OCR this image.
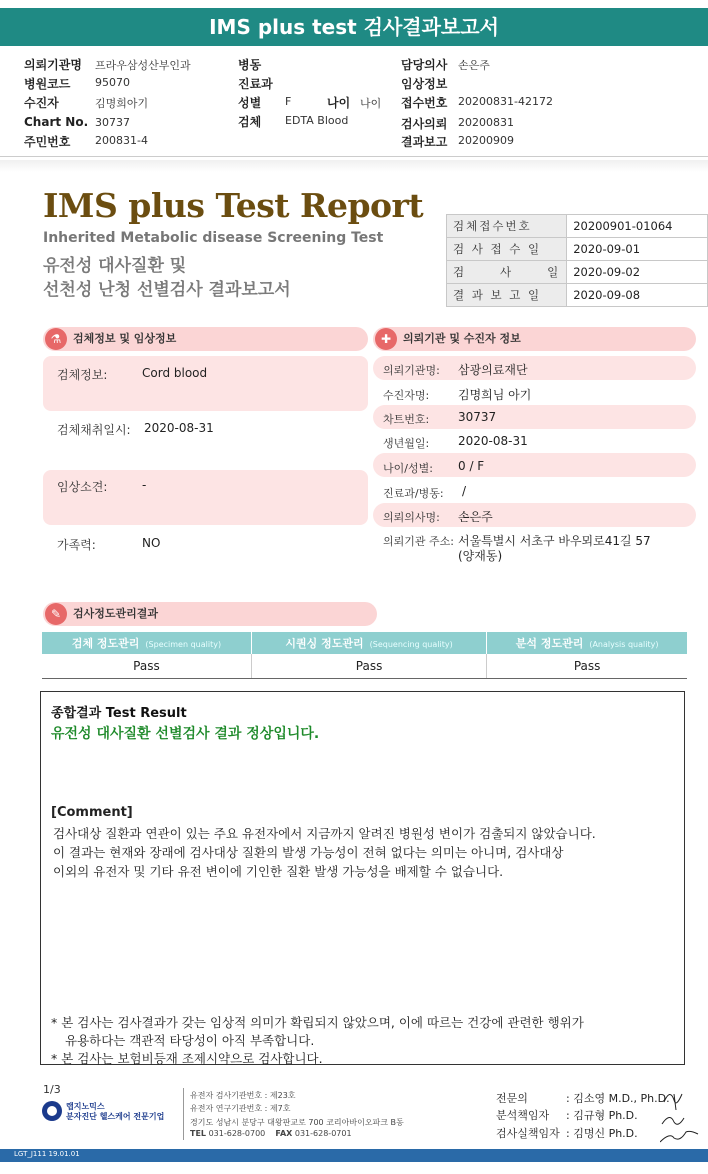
IMS plus test 검사결과보고서
의뢰기관명 프라우삼성산부인과
병원코드 95070
수진자	김명희아기
Chart No. 30737
주민번호 200831-4
병동
진료과
성별 F	나이 나이
검체 EDTA Blood
담당의사 손은주
임상정보
접수번호 20200831-42172
검사의뢰 20200831
결과보고 20200909
IMS plus Test Report
Inherited Metabolic disease Screening Test
유전성 대사질환 및
선천성 난청 선별검사 결과보고서
검체접수번호	20200901-01064
검 사 접 수 일	2020-09-01
검      사      일	2020-09-02
결 과 보 고 일	2020-09-08
⚗	검체정보 및 임상정보
검체정보:	Cord blood
검체채취일시: 2020-08-31
임상소견:	-
가족력:	NO
✚	의뢰기관 및 수진자 정보
의뢰기관명: 삼광의료재단
수진자명: 김명희님 아기
차트번호: 30737
생년월일: 2020-08-31
나이/성별: 0 / F
진료과/병동: /
의뢰의사명: 손은주
의뢰기관 주소: 서울특별시 서초구 바우뫼로41길 57
(양재동)
✎	검사정도관리결과
검체 정도관리 (Specimen quality)	시퀀싱 정도관리 (Sequencing quality)	분석 정도관리 (Analysis quality)
Pass	Pass	Pass
종합결과 Test Result
유전성 대사질환 선별검사 결과 정상입니다.
[Comment]
검사대상 질환과 연관이 있는 주요 유전자에서 지금까지 알려진 병원성 변이가 검출되지 않았습니다.
이 결과는 현재와 장래에 검사대상 질환의 발생 가능성이 전혀 없다는 의미는 아니며, 검사대상
이외의 유전자 및 기타 유전 변이에 기인한 질환 발생 가능성을 배제할 수 없습니다.
* 본 검사는 검사결과가 갖는 임상적 의미가 확립되지 않았으며, 이에 따르는 건강에 관련한 행위가
유용하다는 객관적 타당성이 아직 부족합니다.
* 본 검사는 보험비등재 조제시약으로 검사합니다.
1/3
랩지노믹스
분자진단 헬스케어 전문기업
유전자 검사기관번호 : 제23호
유전자 연구기관번호 : 제7호
경기도 성남시 분당구 대왕판교로 700 코리아바이오파크 B동
TEL 031-628-0700 FAX 031-628-0701
전문의	: 김소영 M.D., Ph.D.
분석책임자 : 김규형 Ph.D.
검사실책임자 : 김명신 Ph.D.
LGT_J111 19.01.01
